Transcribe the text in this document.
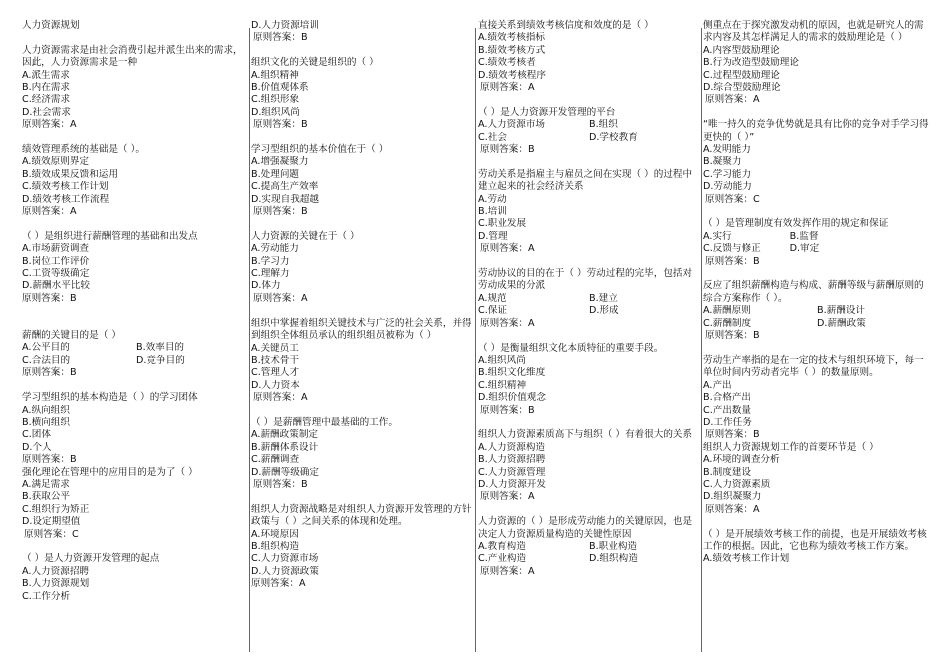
人力资源规划
人力资源需求是由社会消费引起并派生出来的需求，因此，人力资源需求是一种
A.派生需求
B.内在需求
C.经济需求
D.社会需求
原则答案：A
绩效管理系统的基础是（ ）。
A.绩效原则界定
B.绩效成果反馈和运用
C.绩效考核工作计划
D.绩效考核工作流程
原则答案：A
（ ）是组织进行薪酬管理的基础和出发点
A.市场薪资调查
B.岗位工作评价
C.工资等级确定
D.薪酬水平比较
原则答案：B
薪酬的关键目的是（ ）
A.公平目的	B.效率目的
C.合法目的	D.竞争目的
原则答案：B
学习型组织的基本构造是（ ）的学习团体
A.纵向组织
B.横向组织
C.团体
D.个人
原则答案：B
强化理论在管理中的应用目的是为了（ ）
A.满足需求
B.获取公平
C.组织行为矫正
D.设定期望值
原则答案：C
（ ）是人力资源开发管理的起点
A.人力资源招聘
B.人力资源规划
C.工作分析
D.人力资源培训
原则答案：B
组织文化的关键是组织的（ ）
A.组织精神
B.价值观体系
C.组织形象
D.组织风尚
原则答案：B
学习型组织的基本价值在于（ ）
A.增强凝聚力
B.处理问题
C.提高生产效率
D.实现自我超越
原则答案：B
人力资源的关键在于（ ）
A.劳动能力
B.学习力
C.理解力
D.体力
原则答案：A
组织中掌握着组织关键技术与广泛的社会关系，并得到组织全体组员承认的组织组员被称为（ ）
A.关键员工
B.技术骨干
C.管理人才
D.人力资本
原则答案：A
（ ）是薪酬管理中最基础的工作。
A.薪酬政策制定
B.薪酬体系设计
C.薪酬调查
D.薪酬等级确定
原则答案：B
组织人力资源战略是对组织人力资源开发管理的方针政策与（ ）之间关系的体现和处理。
A.环境原因
B.组织构造
C.人力资源市场
D.人力资源政策
原则答案：A
直接关系到绩效考核信度和效度的是（ ）
A.绩效考核指标
B.绩效考核方式
C.绩效考核者
D.绩效考核程序
原则答案：A
（ ）是人力资源开发管理的平台
A.人力资源市场	B.组织
C.社会	D.学校教育
原则答案：B
劳动关系是指雇主与雇员之间在实现（ ）的过程中建立起来的社会经济关系
A.劳动
B.培训
C.职业发展
D.管理
原则答案：A
劳动协议的目的在于（ ）劳动过程的完毕，包括对劳动成果的分派
A.规范	B.建立
C.保证	D.形成
原则答案：A
（ ）是衡量组织文化本质特征的重要手段。
A.组织风尚
B.组织文化维度
C.组织精神
D.组织价值观念
原则答案：B
组织人力资源素质高下与组织（ ）有着很大的关系
A.人力资源构造
B.人力资源招聘
C.人力资源管理
D.人力资源开发
原则答案：A
人力资源的（ ）是形成劳动能力的关键原因，也是决定人力资源质量构造的关键性原因
A.教育构造	B.职业构造
C.产业构造	D.组织构造
原则答案：A
侧重点在于探究激发动机的原因，也就是研究人的需求内容及其怎样满足人的需求的鼓励理论是（ ）
A.内容型鼓励理论
B.行为改造型鼓励理论
C.过程型鼓励理论
D.综合型鼓励理论
原则答案：A
“唯一持久的竞争优势就是具有比你的竞争对手学习得更快的（ ）”
A.发明能力
B.凝聚力
C.学习能力
D.劳动能力
原则答案：C
（ ）是管理制度有效发挥作用的规定和保证
A.实行	B.监督
C.反馈与修正	D.审定
原则答案：B
反应了组织薪酬构造与构成、薪酬等级与薪酬原则的综合方案称作（ ）。
A.薪酬原则	B.薪酬设计
C.薪酬制度	D.薪酬政策
原则答案：B
劳动生产率指的是在一定的技术与组织环境下，每一单位时间内劳动者完毕（ ）的数量原则。
A.产出
B.合格产出
C.产出数量
D.工作任务
原则答案：B
组织人力资源规划工作的首要环节是（ ）
A.环境的调查分析
B.制度建设
C.人力资源素质
D.组织凝聚力
原则答案：A
（ ）是开展绩效考核工作的前提，也是开展绩效考核工作的根据。因此，它也称为绩效考核工作方案。
A.绩效考核工作计划
